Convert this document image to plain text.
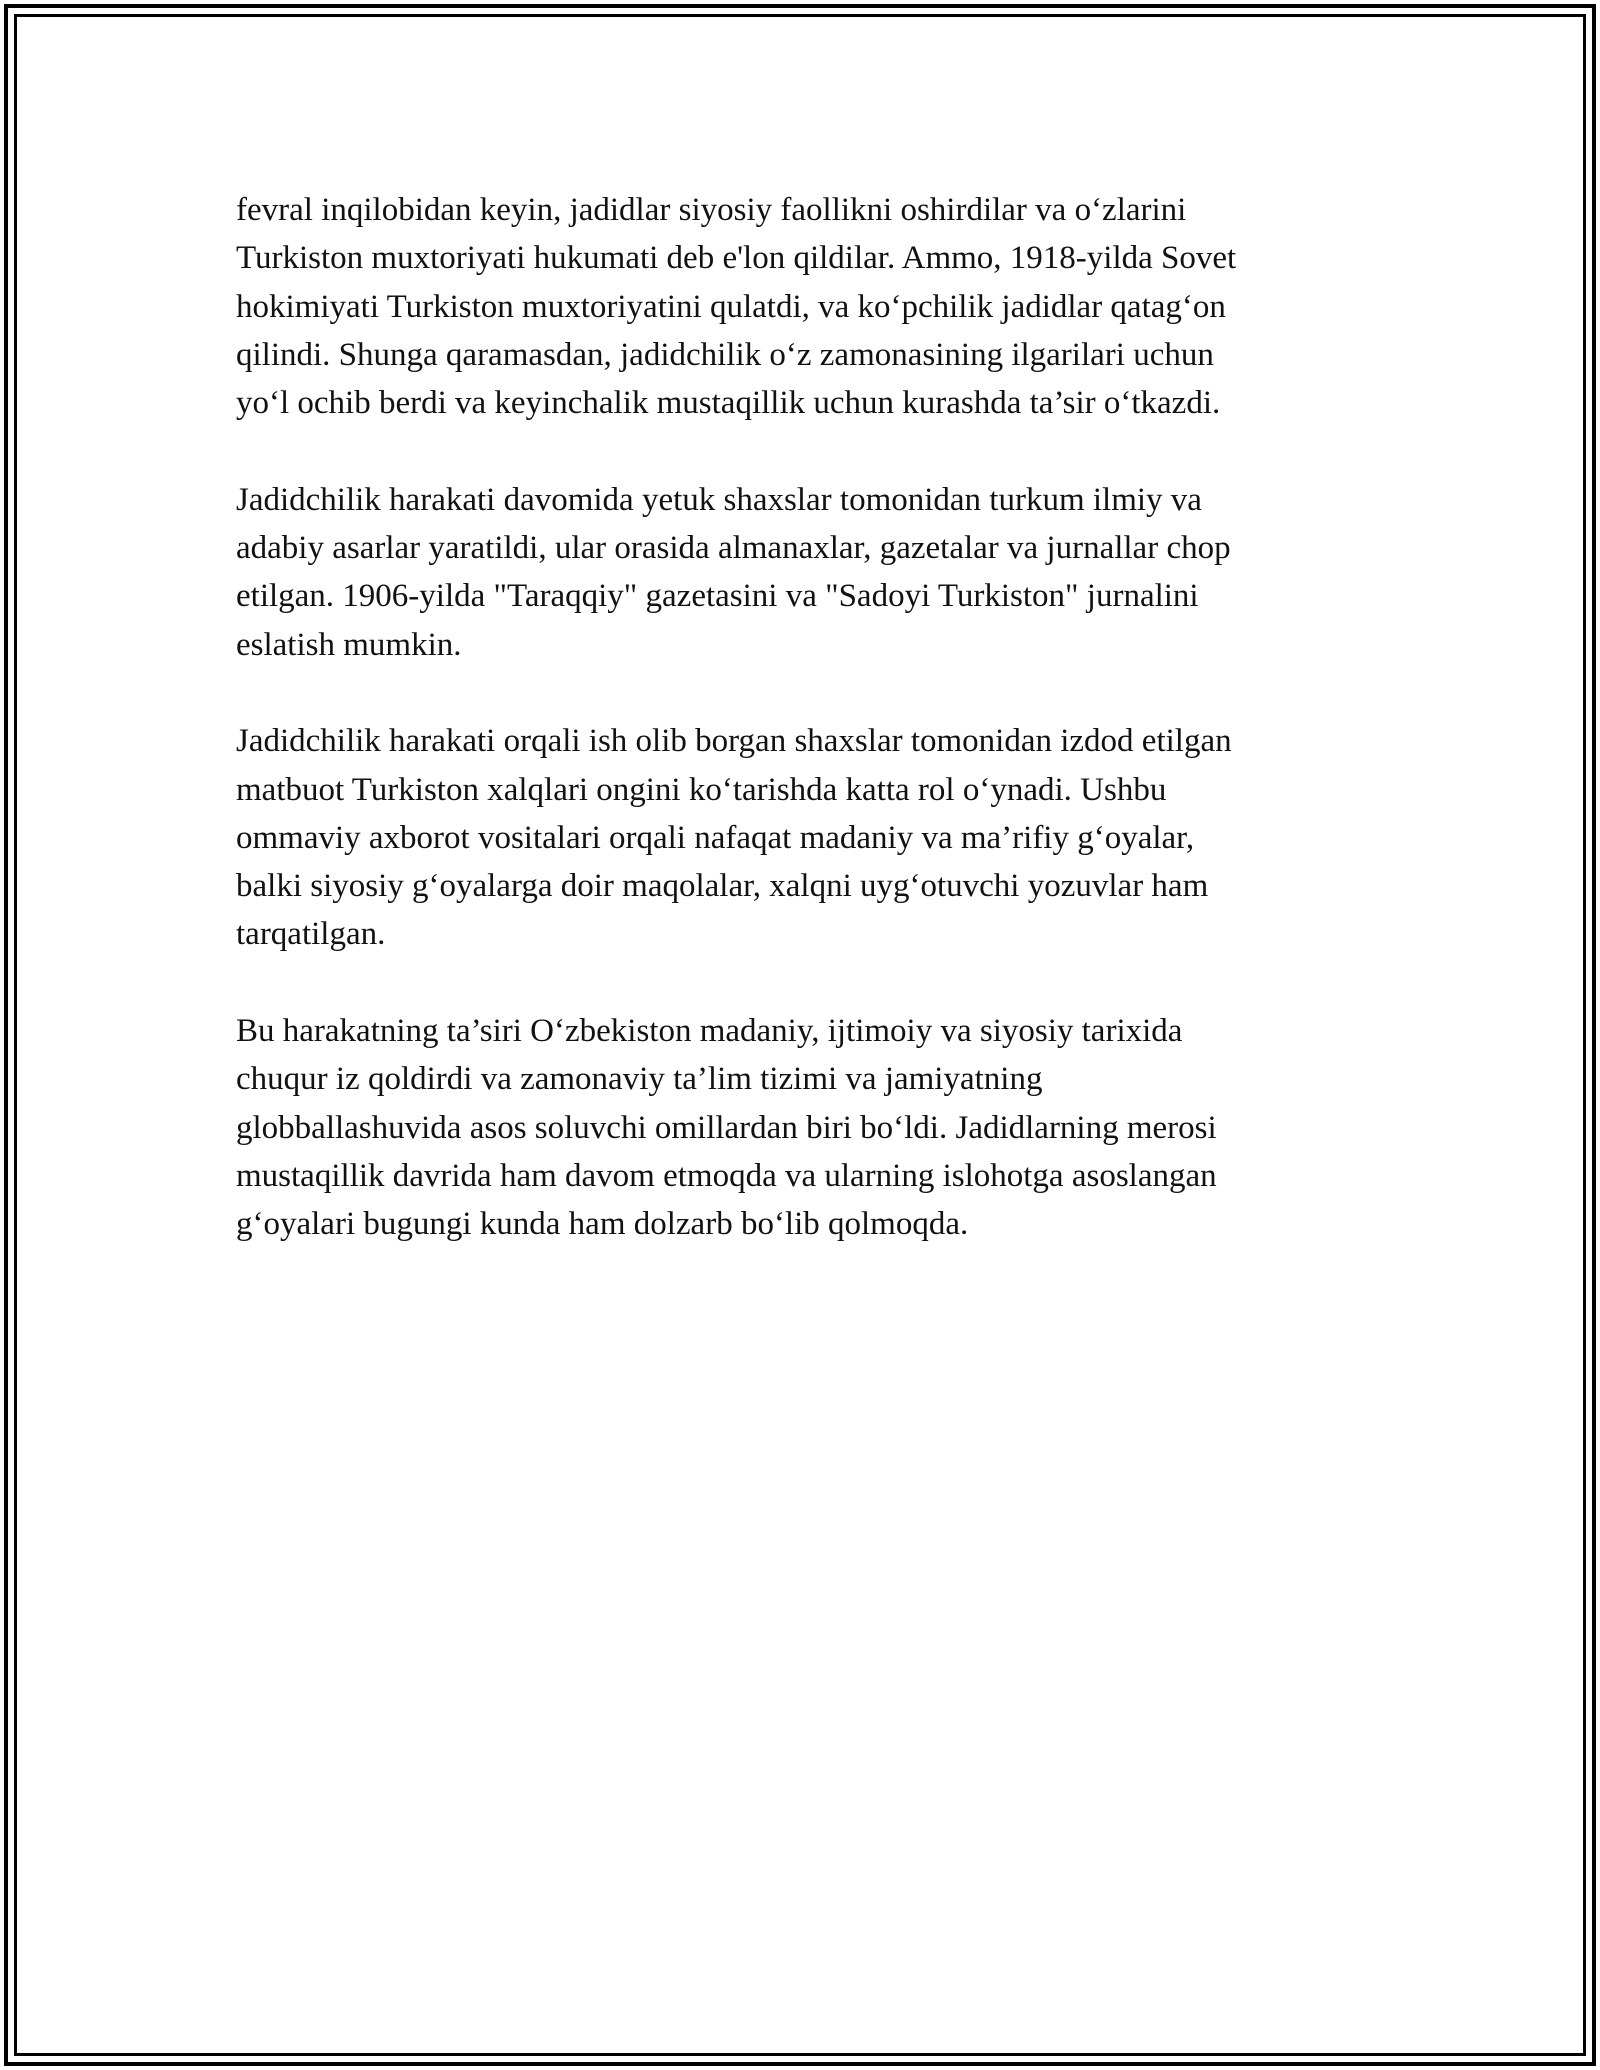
fevral inqilobidan keyin, jadidlar siyosiy faollikni oshirdilar va o‘zlarini
Turkiston muxtoriyati hukumati deb e'lon qildilar. Ammo, 1918-yilda Sovet
hokimiyati Turkiston muxtoriyatini qulatdi, va ko‘pchilik jadidlar qatag‘on
qilindi. Shunga qaramasdan, jadidchilik o‘z zamonasining ilgarilari uchun
yo‘l ochib berdi va keyinchalik mustaqillik uchun kurashda ta’sir o‘tkazdi.

Jadidchilik harakati davomida yetuk shaxslar tomonidan turkum ilmiy va
adabiy asarlar yaratildi, ular orasida almanaxlar, gazetalar va jurnallar chop
etilgan. 1906-yilda "Taraqqiy" gazetasini va "Sadoyi Turkiston" jurnalini
eslatish mumkin.

Jadidchilik harakati orqali ish olib borgan shaxslar tomonidan izdod etilgan
matbuot Turkiston xalqlari ongini ko‘tarishda katta rol o‘ynadi. Ushbu
ommaviy axborot vositalari orqali nafaqat madaniy va ma’rifiy g‘oyalar,
balki siyosiy g‘oyalarga doir maqolalar, xalqni uyg‘otuvchi yozuvlar ham
tarqatilgan.

Bu harakatning ta’siri O‘zbekiston madaniy, ijtimoiy va siyosiy tarixida
chuqur iz qoldirdi va zamonaviy ta’lim tizimi va jamiyatning
globballashuvida asos soluvchi omillardan biri bo‘ldi. Jadidlarning merosi
mustaqillik davrida ham davom etmoqda va ularning islohotga asoslangan
g‘oyalari bugungi kunda ham dolzarb bo‘lib qolmoqda.
